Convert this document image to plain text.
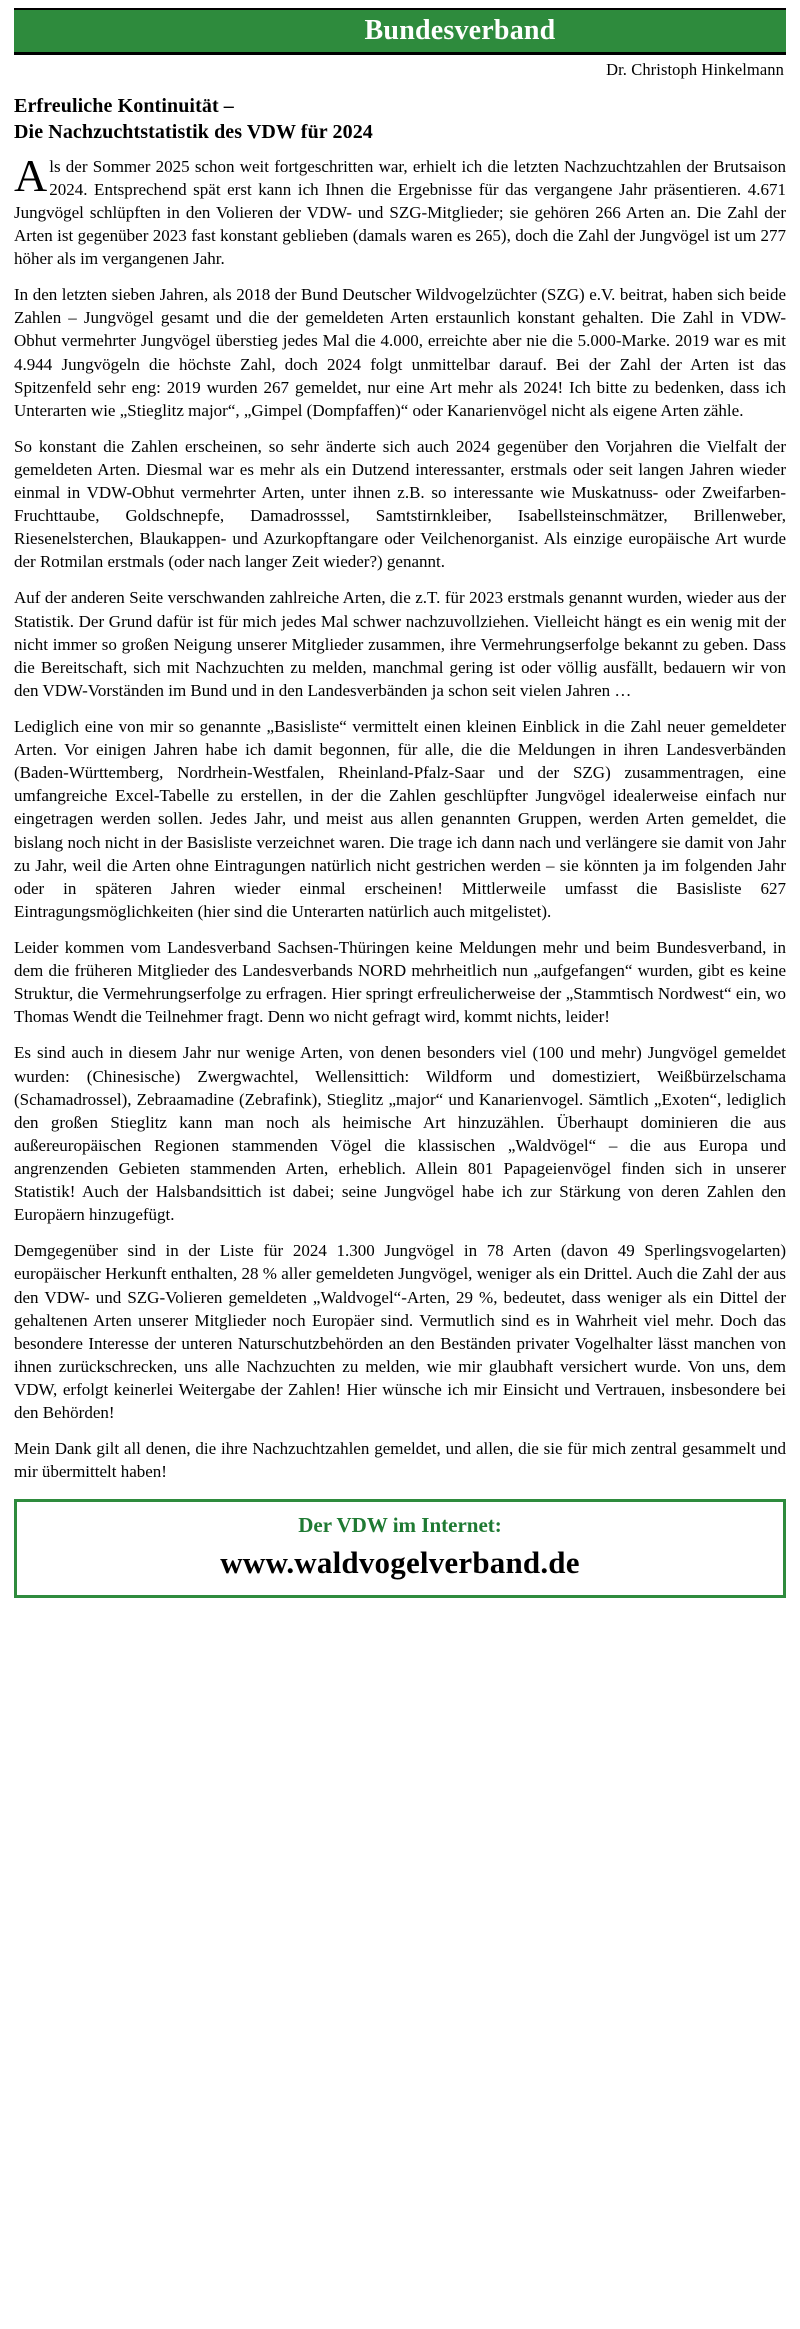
Bundesverband
Dr. Christoph Hinkelmann
Erfreuliche Kontinuität –
Die Nachzuchtstatistik des VDW für 2024

Als der Sommer 2025 schon weit fortgeschritten war, erhielt ich die letzten Nachzuchtzahlen der Brutsaison 2024. Entsprechend spät erst kann ich Ihnen die Ergebnisse für das vergangene Jahr präsentieren. 4.671 Jungvögel schlüpften in den Volieren der VDW- und SZG-Mitglieder; sie gehören 266 Arten an. Die Zahl der Arten ist gegenüber 2023 fast konstant geblieben (damals waren es 265), doch die Zahl der Jungvögel ist um 277 höher als im vergangenen Jahr.

In den letzten sieben Jahren, als 2018 der Bund Deutscher Wildvogelzüchter (SZG) e.V. beitrat, haben sich beide Zahlen – Jungvögel gesamt und die der gemeldeten Arten erstaunlich konstant gehalten. Die Zahl in VDW-Obhut vermehrter Jungvögel überstieg jedes Mal die 4.000, erreichte aber nie die 5.000-Marke. 2019 war es mit 4.944 Jungvögeln die höchste Zahl, doch 2024 folgt unmittelbar darauf. Bei der Zahl der Arten ist das Spitzenfeld sehr eng: 2019 wurden 267 gemeldet, nur eine Art mehr als 2024! Ich bitte zu bedenken, dass ich Unterarten wie „Stieglitz major“, „Gimpel (Dompfaffen)“ oder Kanarienvögel nicht als eigene Arten zähle.

So konstant die Zahlen erscheinen, so sehr änderte sich auch 2024 gegenüber den Vorjahren die Vielfalt der gemeldeten Arten. Diesmal war es mehr als ein Dutzend interessanter, erstmals oder seit langen Jahren wieder einmal in VDW-Obhut vermehrter Arten, unter ihnen z.B. so interessante wie Muskatnuss- oder Zweifarben-Fruchttaube, Goldschnepfe, Damadrosssel, Samtstirnkleiber, Isabellsteinschmätzer, Brillenweber, Riesenelsterchen, Blaukappen- und Azurkopftangare oder Veilchenorganist. Als einzige europäische Art wurde der Rotmilan erstmals (oder nach langer Zeit wieder?) genannt.

Auf der anderen Seite verschwanden zahlreiche Arten, die z.T. für 2023 erstmals genannt wurden, wieder aus der Statistik. Der Grund dafür ist für mich jedes Mal schwer nachzuvollziehen. Vielleicht hängt es ein wenig mit der nicht immer so großen Neigung unserer Mitglieder zusammen, ihre Vermehrungserfolge bekannt zu geben. Dass die Bereitschaft, sich mit Nachzuchten zu melden, manchmal gering ist oder völlig ausfällt, bedauern wir von den VDW-Vorständen im Bund und in den Landesverbänden ja schon seit vielen Jahren …

Lediglich eine von mir so genannte „Basisliste“ vermittelt einen kleinen Einblick in die Zahl neuer gemeldeter Arten. Vor einigen Jahren habe ich damit begonnen, für alle, die die Meldungen in ihren Landesverbänden (Baden-Württemberg, Nordrhein-Westfalen, Rheinland-Pfalz-Saar und der SZG) zusammentragen, eine umfangreiche Excel-Tabelle zu erstellen, in der die Zahlen geschlüpfter Jungvögel idealerweise einfach nur eingetragen werden sollen. Jedes Jahr, und meist aus allen genannten Gruppen, werden Arten gemeldet, die bislang noch nicht in der Basisliste verzeichnet waren. Die trage ich dann nach und verlängere sie damit von Jahr zu Jahr, weil die Arten ohne Eintragungen natürlich nicht gestrichen werden – sie könnten ja im folgenden Jahr oder in späteren Jahren wieder einmal erscheinen! Mittlerweile umfasst die Basisliste 627 Eintragungsmöglichkeiten (hier sind die Unterarten natürlich auch mitgelistet).

Leider kommen vom Landesverband Sachsen-Thüringen keine Meldungen mehr und beim Bundesverband, in dem die früheren Mitglieder des Landesverbands NORD mehrheitlich nun „aufgefangen“ wurden, gibt es keine Struktur, die Vermehrungserfolge zu erfragen. Hier springt erfreulicherweise der „Stammtisch Nordwest“ ein, wo Thomas Wendt die Teilnehmer fragt. Denn wo nicht gefragt wird, kommt nichts, leider!

Es sind auch in diesem Jahr nur wenige Arten, von denen besonders viel (100 und mehr) Jungvögel gemeldet wurden: (Chinesische) Zwergwachtel, Wellensittich: Wildform und domestiziert, Weißbürzelschama (Schamadrossel), Zebraamadine (Zebrafink), Stieglitz „major“ und Kanarienvogel. Sämtlich „Exoten“, lediglich den großen Stieglitz kann man noch als heimische Art hinzuzählen. Überhaupt dominieren die aus außereuropäischen Regionen stammenden Vögel die klassischen „Waldvögel“ – die aus Europa und angrenzenden Gebieten stammenden Arten, erheblich. Allein 801 Papageienvögel finden sich in unserer Statistik! Auch der Halsbandsittich ist dabei; seine Jungvögel habe ich zur Stärkung von deren Zahlen den Europäern hinzugefügt.

Demgegenüber sind in der Liste für 2024 1.300 Jungvögel in 78 Arten (davon 49 Sperlingsvogelarten) europäischer Herkunft enthalten, 28 % aller gemeldeten Jungvögel, weniger als ein Drittel. Auch die Zahl der aus den VDW- und SZG-Volieren gemeldeten „Waldvogel“-Arten, 29 %, bedeutet, dass weniger als ein Dittel der gehaltenen Arten unserer Mitglieder noch Europäer sind. Vermutlich sind es in Wahrheit viel mehr. Doch das besondere Interesse der unteren Naturschutzbehörden an den Beständen privater Vogelhalter lässt manchen von ihnen zurückschrecken, uns alle Nachzuchten zu melden, wie mir glaubhaft versichert wurde. Von uns, dem VDW, erfolgt keinerlei Weitergabe der Zahlen! Hier wünsche ich mir Einsicht und Vertrauen, insbesondere bei den Behörden!

Mein Dank gilt all denen, die ihre Nachzuchtzahlen gemeldet, und allen, die sie für mich zentral gesammelt und mir übermittelt haben!

Der VDW im Internet:
www.waldvogelverband.de
